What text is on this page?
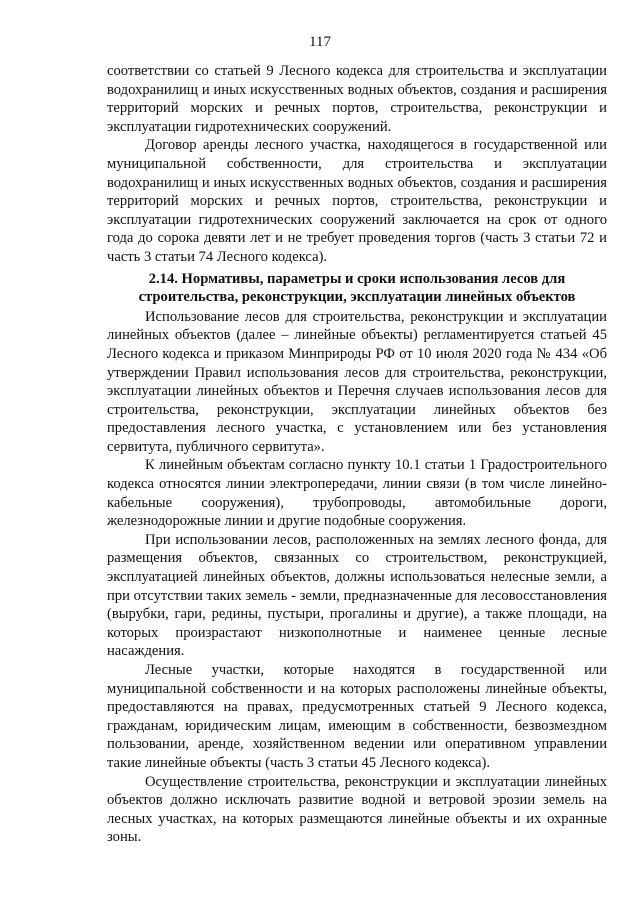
117

соответствии со статьей 9 Лесного кодекса для строительства и эксплуатации водохранилищ и иных искусственных водных объектов, создания и расширения территорий морских и речных портов, строительства, реконструкции и эксплуатации гидротехнических сооружений.

Договор аренды лесного участка, находящегося в государственной или муниципальной собственности, для строительства и эксплуатации водохранилищ и иных искусственных водных объектов, создания и расширения территорий морских и речных портов, строительства, реконструкции и эксплуатации гидротехнических сооружений заключается на срок от одного года до сорока девяти лет и не требует проведения торгов (часть 3 статьи 72 и часть 3 статьи 74 Лесного кодекса).

2.14. Нормативы, параметры и сроки использования лесов для строительства, реконструкции, эксплуатации линейных объектов

Использование лесов для строительства, реконструкции и эксплуатации линейных объектов (далее – линейные объекты) регламентируется статьей 45 Лесного кодекса и приказом Минприроды РФ от 10 июля 2020 года № 434 «Об утверждении Правил использования лесов для строительства, реконструкции, эксплуатации линейных объектов и Перечня случаев использования лесов для строительства, реконструкции, эксплуатации линейных объектов без предоставления лесного участка, с установлением или без установления сервитута, публичного сервитута».

К линейным объектам согласно пункту 10.1 статьи 1 Градостроительного кодекса относятся линии электропередачи, линии связи (в том числе линейно-кабельные сооружения), трубопроводы, автомобильные дороги, железнодорожные линии и другие подобные сооружения.

При использовании лесов, расположенных на землях лесного фонда, для размещения объектов, связанных со строительством, реконструкцией, эксплуатацией линейных объектов, должны использоваться нелесные земли, а при отсутствии таких земель - земли, предназначенные для лесовосстановления (вырубки, гари, редины, пустыри, прогалины и другие), а также площади, на которых произрастают низкополнотные и наименее ценные лесные насаждения.

Лесные участки, которые находятся в государственной или муниципальной собственности и на которых расположены линейные объекты, предоставляются на правах, предусмотренных статьей 9 Лесного кодекса, гражданам, юридическим лицам, имеющим в собственности, безвозмездном пользовании, аренде, хозяйственном ведении или оперативном управлении такие линейные объекты (часть 3 статьи 45 Лесного кодекса).

Осуществление строительства, реконструкции и эксплуатации линейных объектов должно исключать развитие водной и ветровой эрозии земель на лесных участках, на которых размещаются линейные объекты и их охранные зоны.
